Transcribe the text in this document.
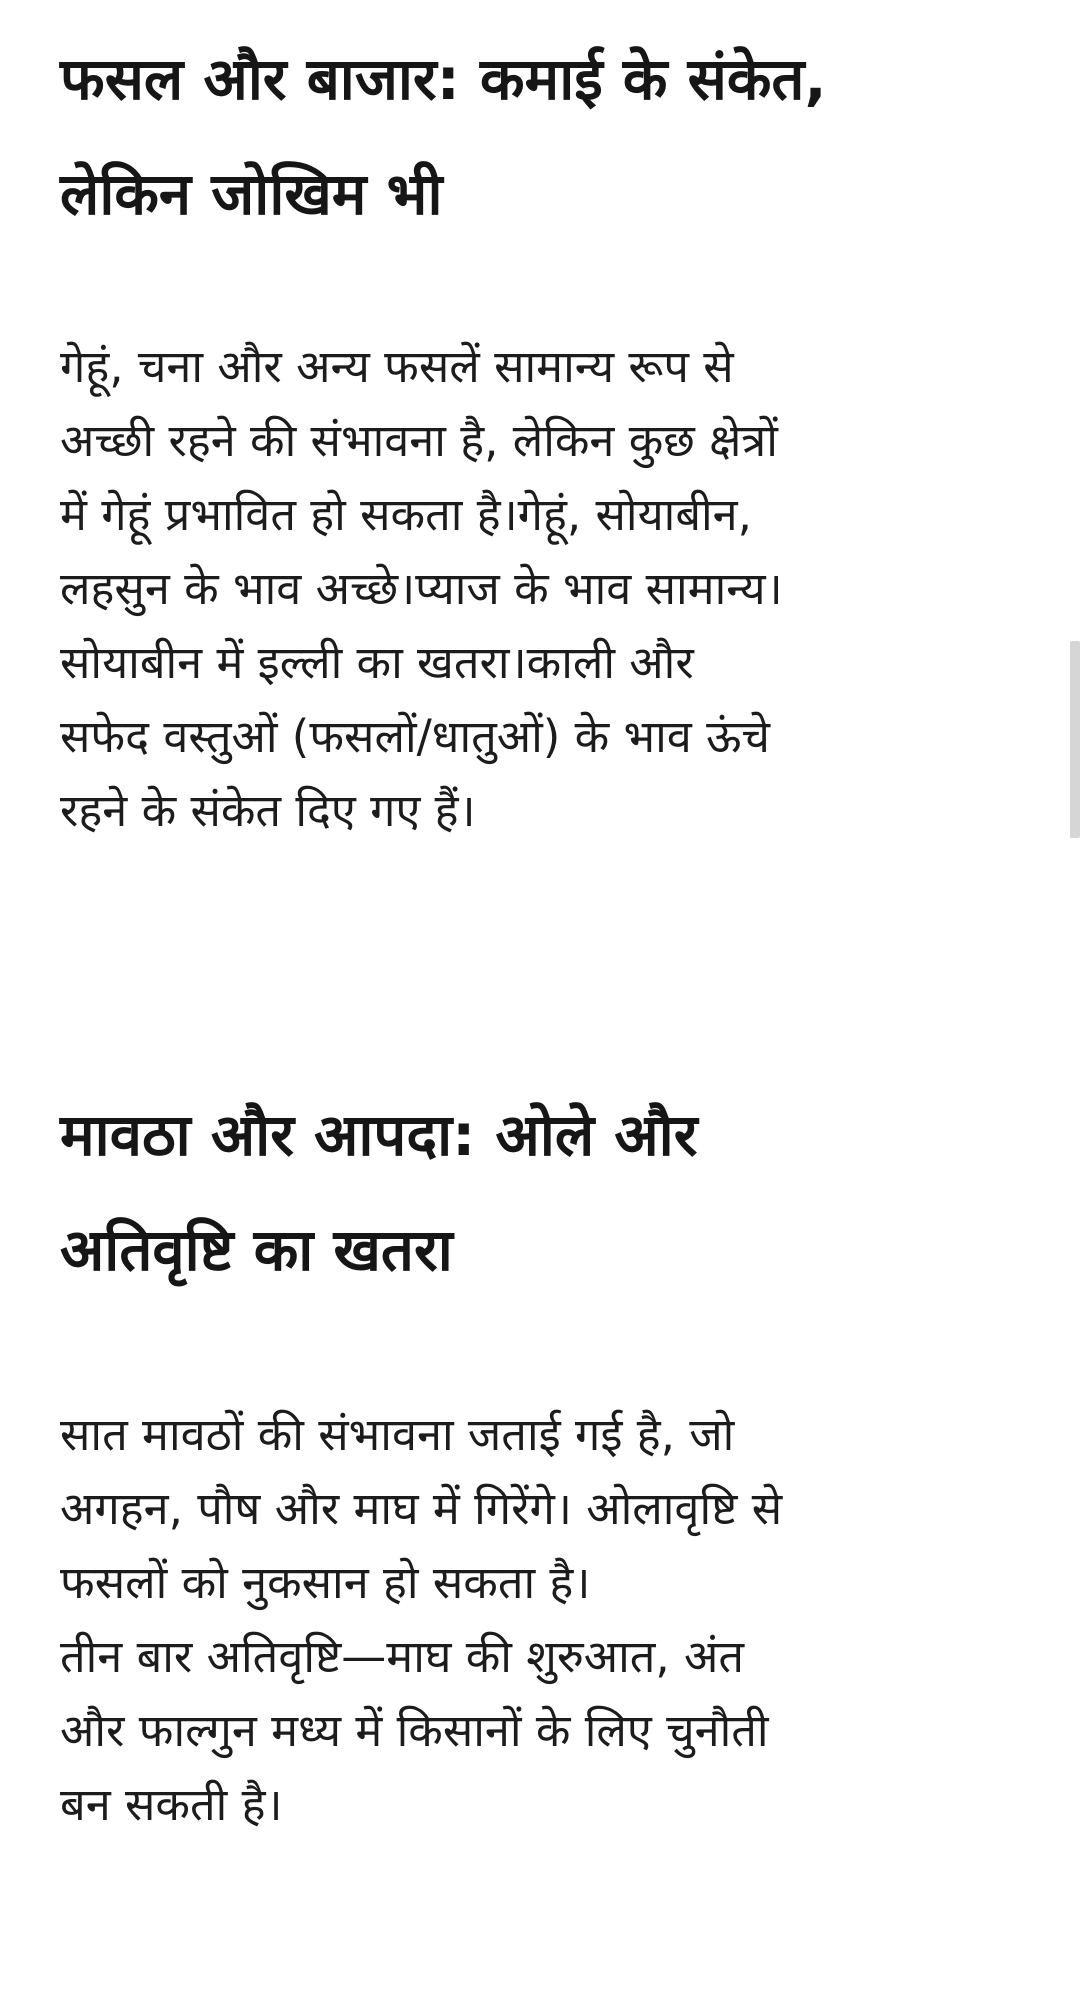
फसल और बाजार: कमाई के संकेत,
लेकिन जोखिम भी

गेहूं, चना और अन्य फसलें सामान्य रूप से
अच्छी रहने की संभावना है, लेकिन कुछ क्षेत्रों
में गेहूं प्रभावित हो सकता है।गेहूं, सोयाबीन,
लहसुन के भाव अच्छे।प्याज के भाव सामान्य।
सोयाबीन में इल्ली का खतरा।काली और
सफेद वस्तुओं (फसलों/धातुओं) के भाव ऊंचे
रहने के संकेत दिए गए हैं।

मावठा और आपदा: ओले और
अतिवृष्टि का खतरा

सात मावठों की संभावना जताई गई है, जो
अगहन, पौष और माघ में गिरेंगे। ओलावृष्टि से
फसलों को नुकसान हो सकता है।
तीन बार अतिवृष्टि—माघ की शुरुआत, अंत
और फाल्गुन मध्य में किसानों के लिए चुनौती
बन सकती है।
